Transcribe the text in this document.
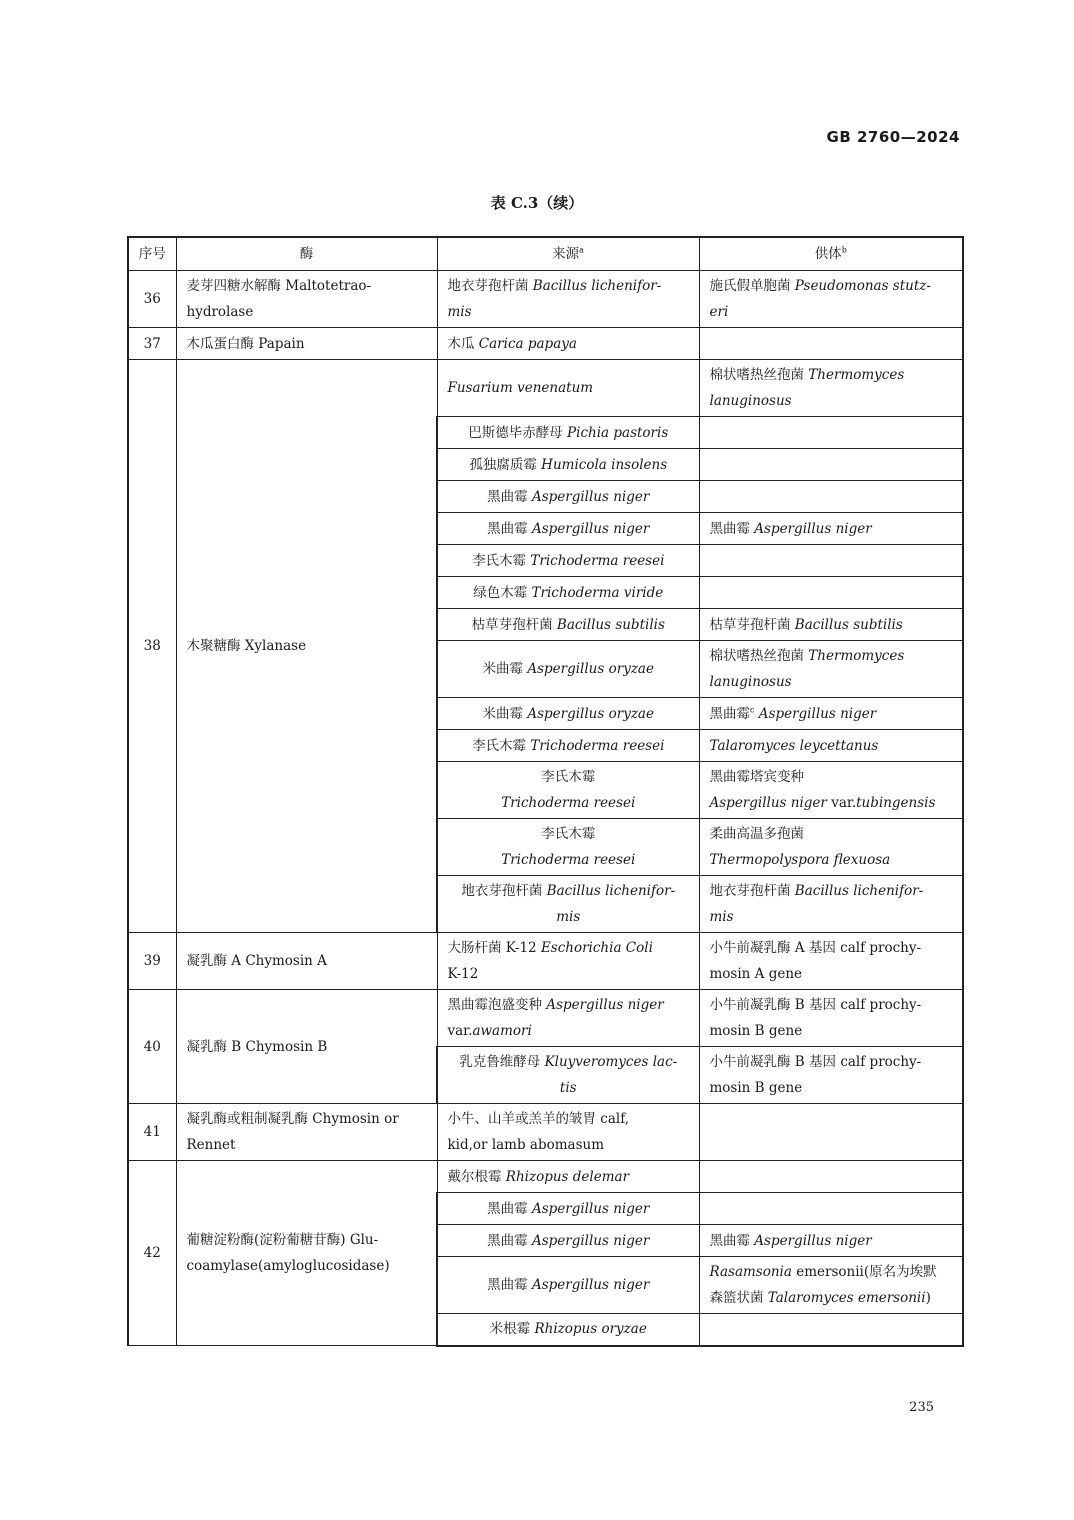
GB 2760—2024
表 C.3（续）
序号	酶	来源$^a$	供体$^b$
36	麦芽四糖水解酶 Maltotetrao-hydrolase	地衣芽孢杆菌 Bacillus lichenifor-
mis	施氏假单胞菌 Pseudomonas stutz-
eri

37	木瓜蛋白酶 Papain	木瓜 Carica papaya	

38	木聚糖酶 Xylanase	Fusarium venenatum	棉状嗜热丝孢菌 Thermomyces
lanuginosus

		巴斯德毕赤酵母 Pichia pastoris	

		孤独腐质霉 Humicola insolens	

		黑曲霉 Aspergillus niger	

		黑曲霉 Aspergillus niger	黑曲霉 Aspergillus niger

		李氏木霉 Trichoderma reesei	

		绿色木霉 Trichoderma viride	

		枯草芽孢杆菌 Bacillus subtilis	枯草芽孢杆菌 Bacillus subtilis

		米曲霉 Aspergillus oryzae	棉状嗜热丝孢菌 Thermomyces
lanuginosus

		米曲霉 Aspergillus oryzae	黑曲霉$^c$ Aspergillus niger

		李氏木霉 Trichoderma reesei	Talaromyces leycettanus

		李氏木霉
Trichoderma reesei	黑曲霉塔宾变种
Aspergillus niger var.tubingensis

		李氏木霉
Trichoderma reesei	柔曲高温多孢菌
Thermopolyspora flexuosa

		地衣芽孢杆菌 Bacillus lichenifor-
mis	地衣芽孢杆菌 Bacillus lichenifor-
mis

39	凝乳酶 A Chymosin A	大肠杆菌 K-12 Eschorichia Coli
K-12	小牛前凝乳酶 A 基因 calf prochy-
mosin A gene

40	凝乳酶 B Chymosin B	黑曲霉泡盛变种 Aspergillus niger
var.awamori	小牛前凝乳酶 B 基因 calf prochy-
mosin B gene

		乳克鲁维酵母 Kluyveromyces lac-
tis	小牛前凝乳酶 B 基因 calf prochy-
mosin B gene

41	凝乳酶或粗制凝乳酶 Chymosin or Rennet	小牛、山羊或羔羊的皱胃 calf,
kid,or lamb abomasum	

42	葡糖淀粉酶(淀粉葡糖苷酶) Glu-coamylase(amyloglucosidase)	戴尔根霉 Rhizopus delemar	

		黑曲霉 Aspergillus niger	

		黑曲霉 Aspergillus niger	黑曲霉 Aspergillus niger

		黑曲霉 Aspergillus niger	Rasamsonia emersonii(原名为埃默
森篮状菌 Talaromyces emersonii)

		米根霉 Rhizopus oryzae	

235
